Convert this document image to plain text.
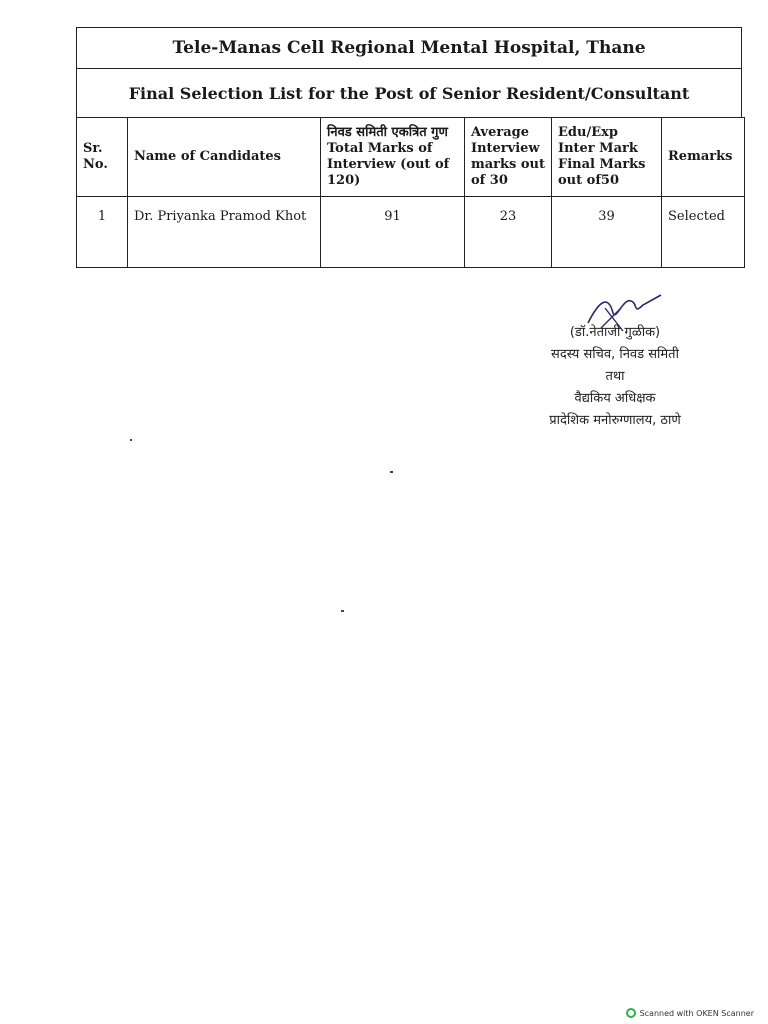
Tele-Manas Cell Regional Mental Hospital, Thane
Final Selection List for the Post of Senior Resident/Consultant
Sr. No.	Name of Candidates	निवड समिती एकत्रित गुण Total Marks of Interview (out of 120)	Average Interview marks out of 30	Edu/Exp Inter Mark Final Marks out of50	Remarks
1	Dr. Priyanka Pramod Khot	91	23	39	Selected
(डॉ.नेताजी गुळीक)
सदस्य सचिव, निवड समिती
तथा
वैद्यकिय अधिक्षक
प्रादेशिक मनोरुग्णालय, ठाणे
Scanned with OKEN Scanner
